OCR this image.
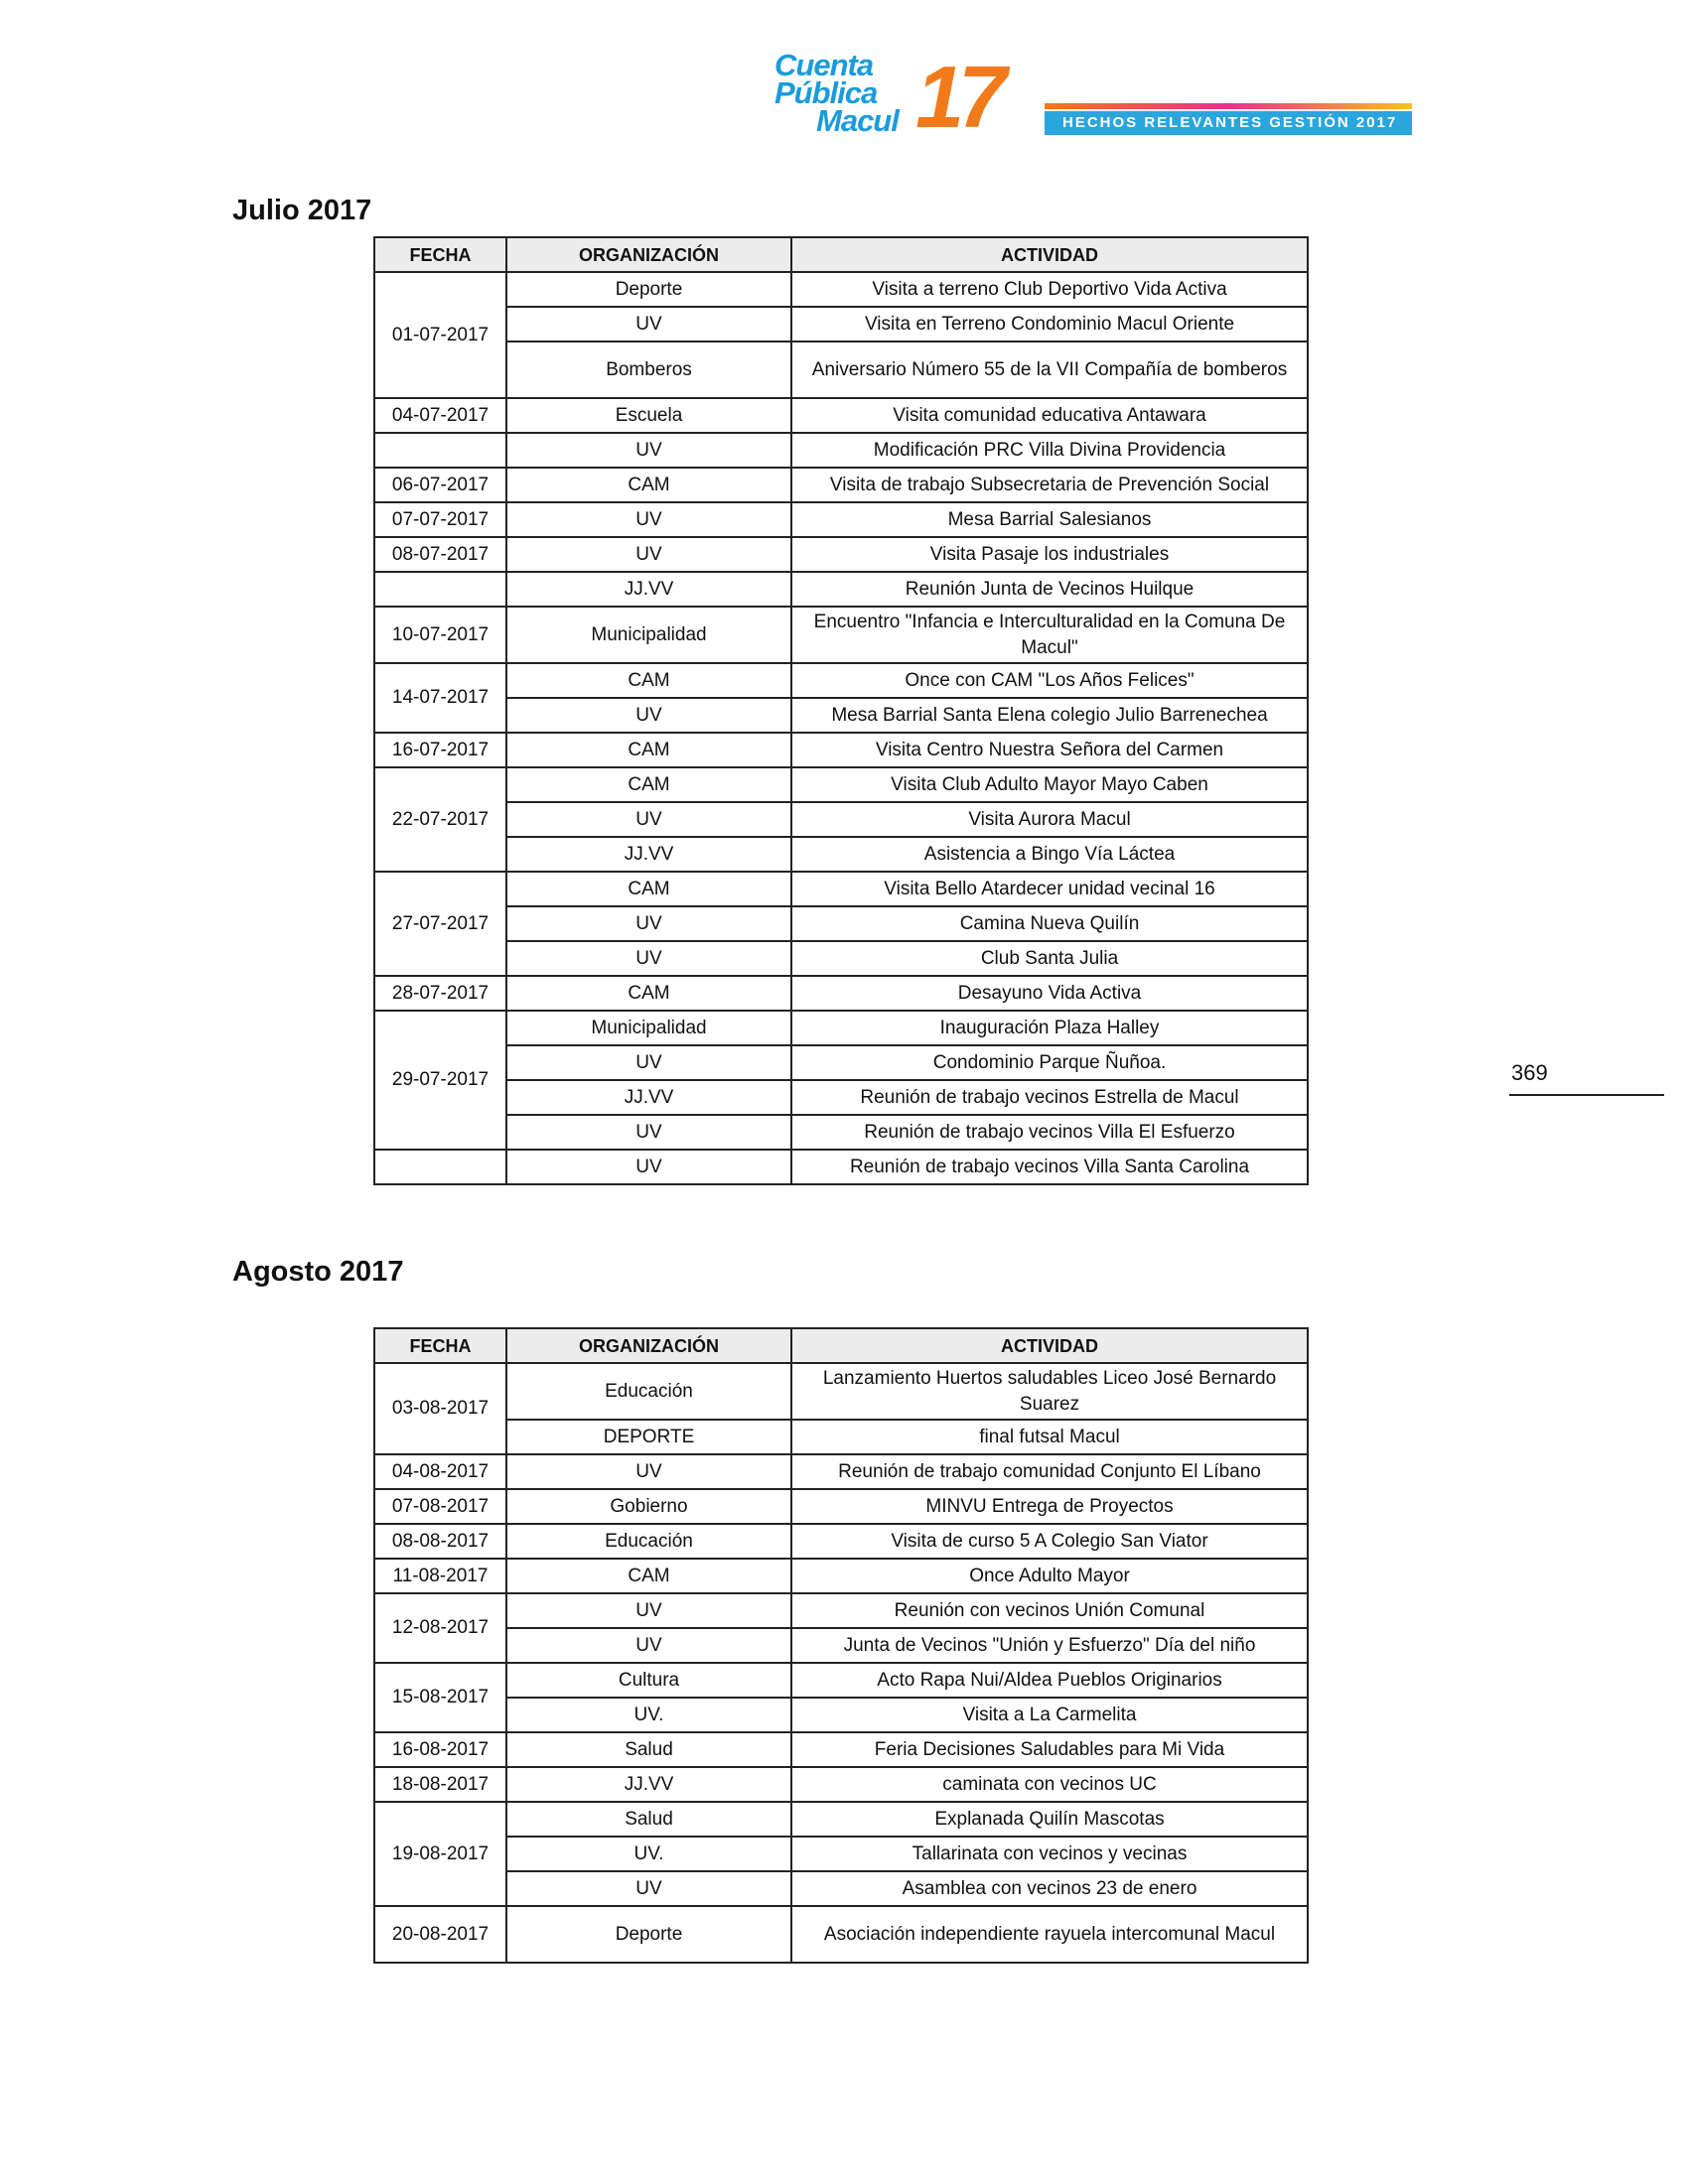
Cuenta
Pública
Macul 17	HECHOS RELEVANTES GESTIÓN 2017
Julio 2017
FECHA	ORGANIZACIÓN	ACTIVIDAD
01-07-2017	Deporte	Visita a terreno Club Deportivo Vida Activa
	UV	Visita en Terreno Condominio Macul Oriente
	Bomberos	Aniversario Número 55 de la VII Compañía de bomberos
04-07-2017	Escuela	Visita comunidad educativa Antawara
	UV	Modificación PRC Villa Divina Providencia
06-07-2017	CAM	Visita de trabajo Subsecretaria de Prevención Social
07-07-2017	UV	Mesa Barrial Salesianos
08-07-2017	UV	Visita Pasaje los industriales
	JJ.VV	Reunión Junta de Vecinos Huilque
10-07-2017	Municipalidad	Encuentro "Infancia e Interculturalidad en la Comuna De Macul"
14-07-2017	CAM	Once con CAM "Los Años Felices"
	UV	Mesa Barrial Santa Elena colegio Julio Barrenechea
16-07-2017	CAM	Visita Centro Nuestra Señora del Carmen
22-07-2017	CAM	Visita Club Adulto Mayor Mayo Caben
	UV	Visita Aurora Macul
	JJ.VV	Asistencia a Bingo Vía Láctea
27-07-2017	CAM	Visita Bello Atardecer unidad vecinal 16
	UV	Camina Nueva Quilín
	UV	Club Santa Julia
28-07-2017	CAM	Desayuno Vida Activa
29-07-2017	Municipalidad	Inauguración Plaza Halley
	UV	Condominio Parque Ñuñoa.
	JJ.VV	Reunión de trabajo vecinos Estrella de Macul
	UV	Reunión de trabajo vecinos Villa El Esfuerzo
	UV	Reunión de trabajo vecinos Villa Santa Carolina
Agosto 2017
FECHA	ORGANIZACIÓN	ACTIVIDAD
03-08-2017	Educación	Lanzamiento Huertos saludables Liceo José Bernardo Suarez
	DEPORTE	final futsal Macul
04-08-2017	UV	Reunión de trabajo comunidad Conjunto El Líbano
07-08-2017	Gobierno	MINVU Entrega de Proyectos
08-08-2017	Educación	Visita de curso 5 A Colegio San Viator
11-08-2017	CAM	Once Adulto Mayor
12-08-2017	UV	Reunión con vecinos Unión Comunal
	UV	Junta de Vecinos "Unión y Esfuerzo" Día del niño
15-08-2017	Cultura	Acto Rapa Nui/Aldea Pueblos Originarios
	UV.	Visita a La Carmelita
16-08-2017	Salud	Feria Decisiones Saludables para Mi Vida
18-08-2017	JJ.VV	caminata con vecinos UC
19-08-2017	Salud	Explanada Quilín Mascotas
	UV.	Tallarinata con vecinos y vecinas
	UV	Asamblea con vecinos 23 de enero
20-08-2017	Deporte	Asociación independiente rayuela intercomunal Macul
369
